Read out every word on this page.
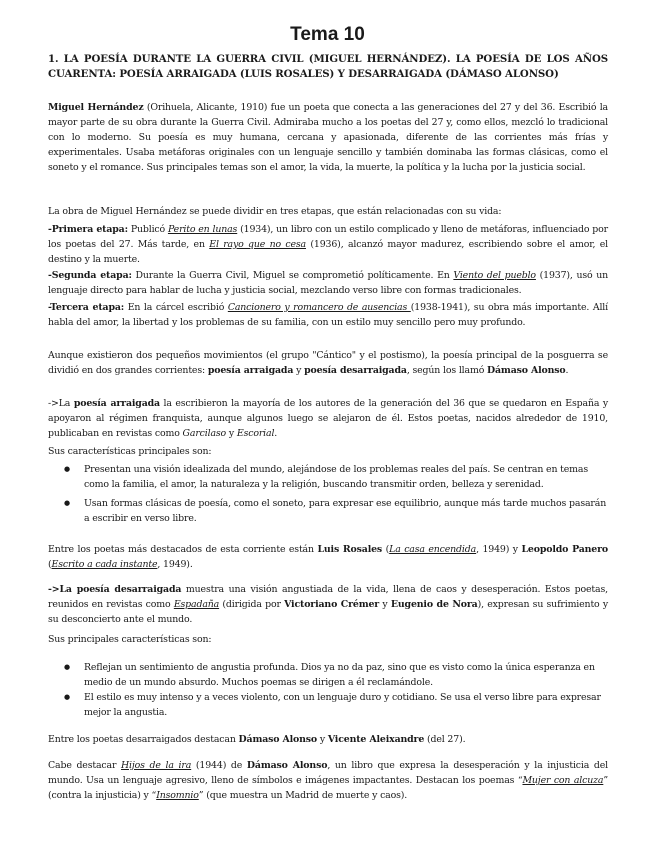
Tema 10

1. LA POESÍA DURANTE LA GUERRA CIVIL (MIGUEL HERNÁNDEZ). LA POESÍA DE LOS AÑOS CUARENTA: POESÍA ARRAIGADA (LUIS ROSALES) Y DESARRAIGADA (DÁMASO ALONSO)

Miguel Hernández (Orihuela, Alicante, 1910) fue un poeta que conecta a las generaciones del 27 y del 36. Escribió la mayor parte de su obra durante la Guerra Civil. Admiraba mucho a los poetas del 27 y, como ellos, mezcló lo tradicional con lo moderno. Su poesía es muy humana, cercana y apasionada, diferente de las corrientes más frías y experimentales. Usaba metáforas originales con un lenguaje sencillo y también dominaba las formas clásicas, como el soneto y el romance. Sus principales temas son el amor, la vida, la muerte, la política y la lucha por la justicia social.

La obra de Miguel Hernández se puede dividir en tres etapas, que están relacionadas con su vida:

-Primera etapa: Publicó Perito en lunas (1934), un libro con un estilo complicado y lleno de metáforas, influenciado por los poetas del 27. Más tarde, en El rayo que no cesa (1936), alcanzó mayor madurez, escribiendo sobre el amor, el destino y la muerte.

-Segunda etapa: Durante la Guerra Civil, Miguel se comprometió políticamente. En Viento del pueblo (1937), usó un lenguaje directo para hablar de lucha y justicia social, mezclando verso libre con formas tradicionales.

-Tercera etapa: En la cárcel escribió Cancionero y romancero de ausencias (1938-1941), su obra más importante. Allí habla del amor, la libertad y los problemas de su familia, con un estilo muy sencillo pero muy profundo.

Aunque existieron dos pequeños movimientos (el grupo "Cántico" y el postismo), la poesía principal de la posguerra se dividió en dos grandes corrientes: poesía arraigada y poesía desarraigada, según los llamó Dámaso Alonso.

->La poesía arraigada la escribieron la mayoría de los autores de la generación del 36 que se quedaron en España y apoyaron al régimen franquista, aunque algunos luego se alejaron de él. Estos poetas, nacidos alrededor de 1910, publicaban en revistas como Garcilaso y Escorial.

Sus características principales son:

● Presentan una visión idealizada del mundo, alejándose de los problemas reales del país. Se centran en temas como la familia, el amor, la naturaleza y la religión, buscando transmitir orden, belleza y serenidad.
● Usan formas clásicas de poesía, como el soneto, para expresar ese equilibrio, aunque más tarde muchos pasarán a escribir en verso libre.

Entre los poetas más destacados de esta corriente están Luis Rosales (La casa encendida, 1949) y Leopoldo Panero (Escrito a cada instante, 1949).

->La poesía desarraigada muestra una visión angustiada de la vida, llena de caos y desesperación. Estos poetas, reunidos en revistas como Espadaña (dirigida por Victoriano Crémer y Eugenio de Nora), expresan su sufrimiento y su desconcierto ante el mundo.

Sus principales características son:

● Reflejan un sentimiento de angustia profunda. Dios ya no da paz, sino que es visto como la única esperanza en medio de un mundo absurdo. Muchos poemas se dirigen a él reclamándole.
● El estilo es muy intenso y a veces violento, con un lenguaje duro y cotidiano. Se usa el verso libre para expresar mejor la angustia.

Entre los poetas desarraigados destacan Dámaso Alonso y Vicente Aleixandre (del 27).

Cabe destacar Hijos de la ira (1944) de Dámaso Alonso, un libro que expresa la desesperación y la injusticia del mundo. Usa un lenguaje agresivo, lleno de símbolos e imágenes impactantes. Destacan los poemas “Mujer con alcuza” (contra la injusticia) y “Insomnio” (que muestra un Madrid de muerte y caos).
